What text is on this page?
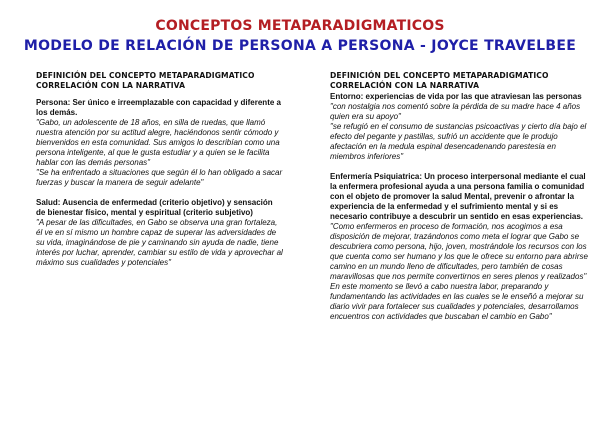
CONCEPTOS METAPARADIGMATICOS
MODELO DE RELACIÓN DE PERSONA A PERSONA - JOYCE TRAVELBEE
DEFINICIÓN DEL CONCEPTO METAPARADIGMATICO
CORRELACIÓN CON LA NARRATIVA

Persona: Ser único e irreemplazable con capacidad y diferente a los demás.

"Gabo, un adolescente de 18 años, en silla de ruedas, que llamó nuestra atención por su actitud alegre, haciéndonos sentir cómodo y bienvenidos en esta comunidad. Sus amigos lo describían como una persona inteligente, al que le gusta estudiar y a quien se le facilita hablar con las demás personas"

"Se ha enfrentado a situaciones que según él lo han obligado a sacar fuerzas y buscar la manera de seguir adelante"

Salud: Ausencia de enfermedad (criterio objetivo) y sensación de bienestar físico, mental y espiritual (criterio subjetivo)

"A pesar de las dificultades, en Gabo se observa una gran fortaleza, él ve en sí mismo un hombre capaz de superar las adversidades de su vida, imaginándose de pie y caminando sin ayuda de nadie, tiene interés por luchar, aprender, cambiar su estilo de vida y aprovechar al máximo sus cualidades y potenciales"

DEFINICIÓN DEL CONCEPTO METAPARADIGMATICO
CORRELACIÓN CON LA NARRATIVA

Entorno: experiencias de vida por las que atraviesan las personas

"con nostalgia nos comentó sobre la pérdida de su madre hace 4 años quien era su apoyo"

"se refugió en el consumo de sustancias psicoactivas y cierto día bajo el efecto del pegante y pastillas, sufrió un accidente que le produjo afectación en la medula espinal desencadenando parestesia en miembros inferiores"

Enfermería Psiquiatrica: Un proceso interpersonal mediante el cual la enfermera profesional ayuda a una persona familia o comunidad con el objeto de promover la salud Mental, prevenir o afrontar la experiencia de la enfermedad y el sufrimiento mental y si es necesario contribuye a descubrir un sentido en esas experiencias.

"Como enfermeros en proceso de formación, nos acogimos a esa disposición de mejorar, trazándonos como meta el lograr que Gabo se descubriera como persona, hijo, joven, mostrándole los recursos con los que cuenta como ser humano y los que le ofrece su entorno para abrirse camino en un mundo lleno de dificultades, pero también de cosas maravillosas que nos permite convertirnos en seres plenos y realizados"

En este momento se llevó a cabo nuestra labor, preparando y fundamentando las actividades en las cuales se le enseñó a mejorar su diario vivir para fortalecer sus cualidades y potenciales, desarrollamos encuentros con actividades que buscaban el cambio en Gabo"
